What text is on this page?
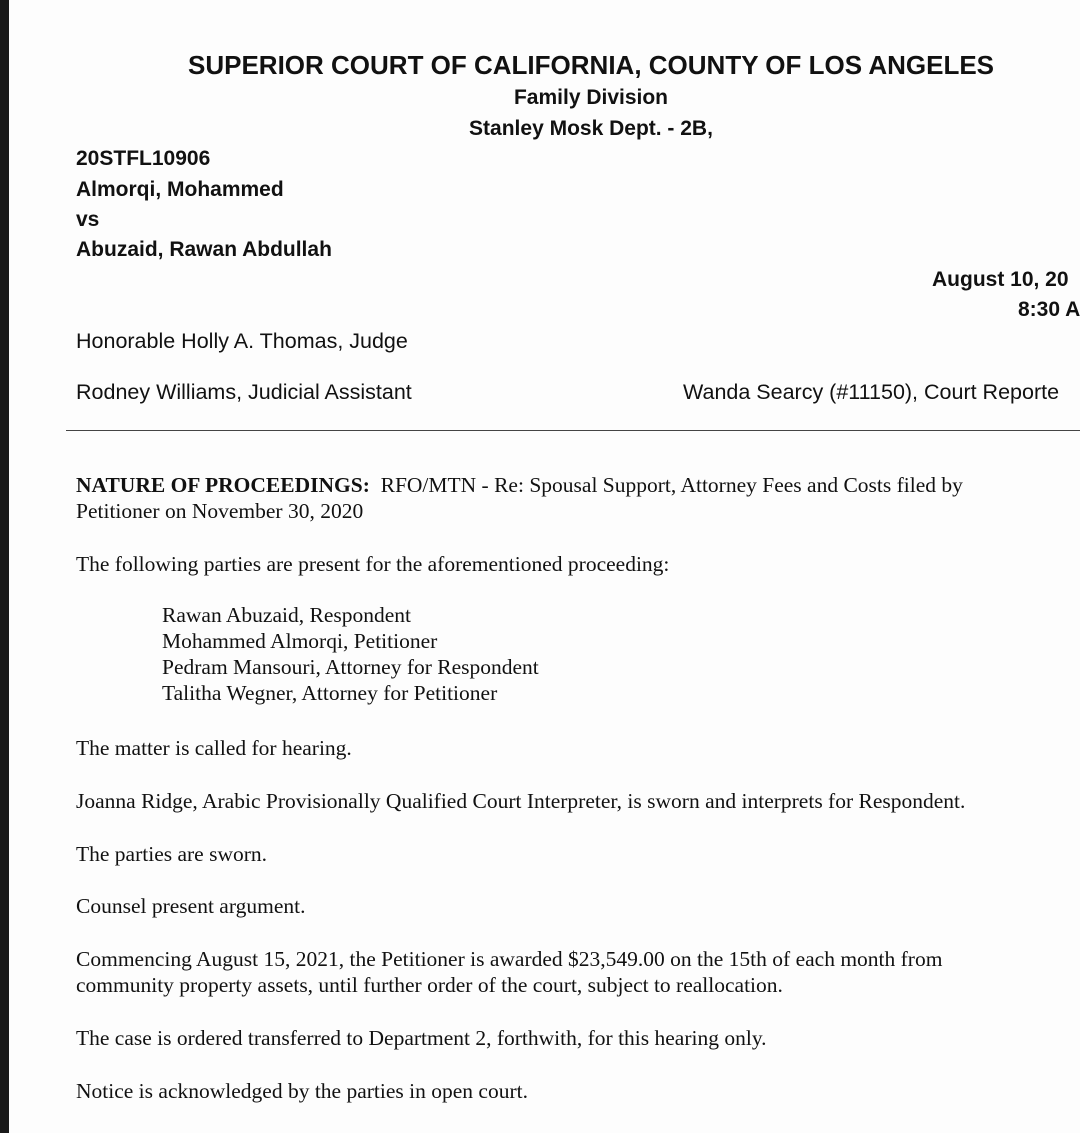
SUPERIOR COURT OF CALIFORNIA, COUNTY OF LOS ANGELES
Family Division
Stanley Mosk Dept. - 2B,
20STFL10906
Almorqi, Mohammed
vs
Abuzaid, Rawan Abdullah
August 10, 20
8:30 A
Honorable Holly A. Thomas, Judge
Rodney Williams, Judicial Assistant	Wanda Searcy (#11150), Court Reporte
NATURE OF PROCEEDINGS: RFO/MTN - Re: Spousal Support, Attorney Fees and Costs filed by Petitioner on November 30, 2020
The following parties are present for the aforementioned proceeding:
Rawan Abuzaid, Respondent
Mohammed Almorqi, Petitioner
Pedram Mansouri, Attorney for Respondent
Talitha Wegner, Attorney for Petitioner
The matter is called for hearing.
Joanna Ridge, Arabic Provisionally Qualified Court Interpreter, is sworn and interprets for Respondent.
The parties are sworn.
Counsel present argument.
Commencing August 15, 2021, the Petitioner is awarded $23,549.00 on the 15th of each month from community property assets, until further order of the court, subject to reallocation.
The case is ordered transferred to Department 2, forthwith, for this hearing only.
Notice is acknowledged by the parties in open court.
